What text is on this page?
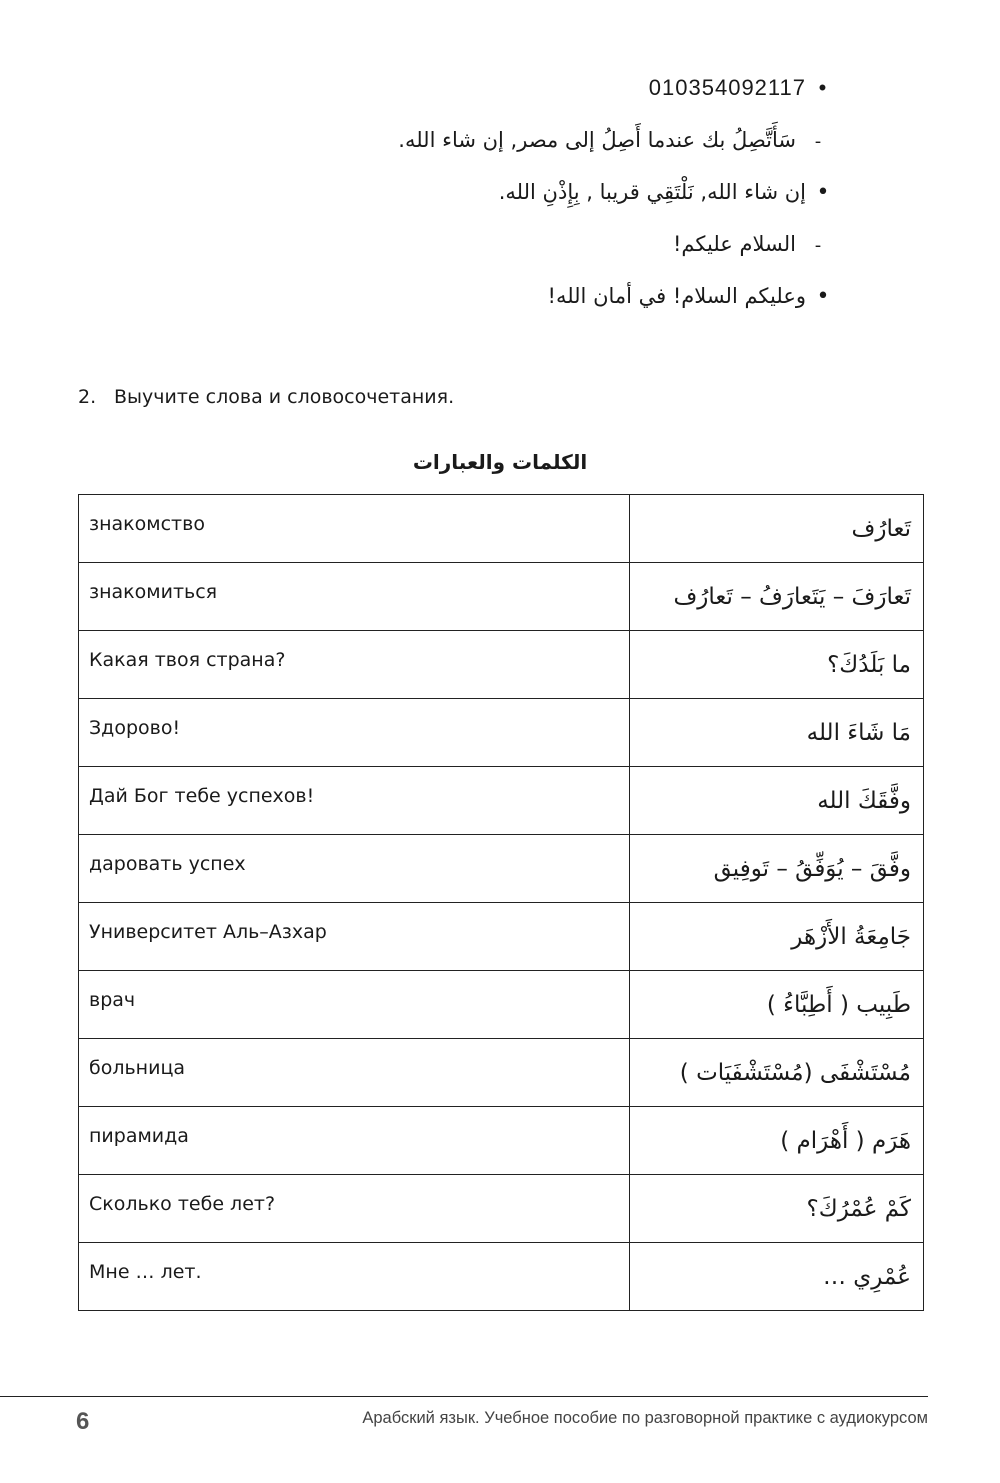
010354092117 •
-سَأَتَّصِلُ بك عندما أَصِلُ إلى مصر, إن شاء الله.
•إن شاء الله, نَلْتَقِي قريبا , بِإِذْنِ الله.
-السلام عليكم!
•وعليكم السلام! في أمان الله!
2. Выучите слова и словосочетания.
الكلمات والعبارات
знакомство	تَعارُف
знакомиться	تَعارَفَ – يَتَعارَفُ – تَعارُف
Какая твоя страна?	ما بَلَدُكَ؟
Здорово!	مَا شَاءَ الله
Дай Бог тебе успехов!	وفَّقَكَ الله
даровать успех	وفَّقَ – يُوَفِّقُ – تَوفِيق
Университет Аль–Азхар	جَامِعَةُ الأَزْهَر
врач	طَبِيب ( أَطِبَّاءُ )
больница	مُسْتَشْفَى (مُسْتَشْفَيَات )
пирамида	هَرَم ( أَهْرَام )
Сколько тебе лет?	كَمْ عُمْرُكَ؟
Мне … лет.	عُمْرِي …
6	Арабский язык. Учебное пособие по разговорной практике с аудиокурсом
